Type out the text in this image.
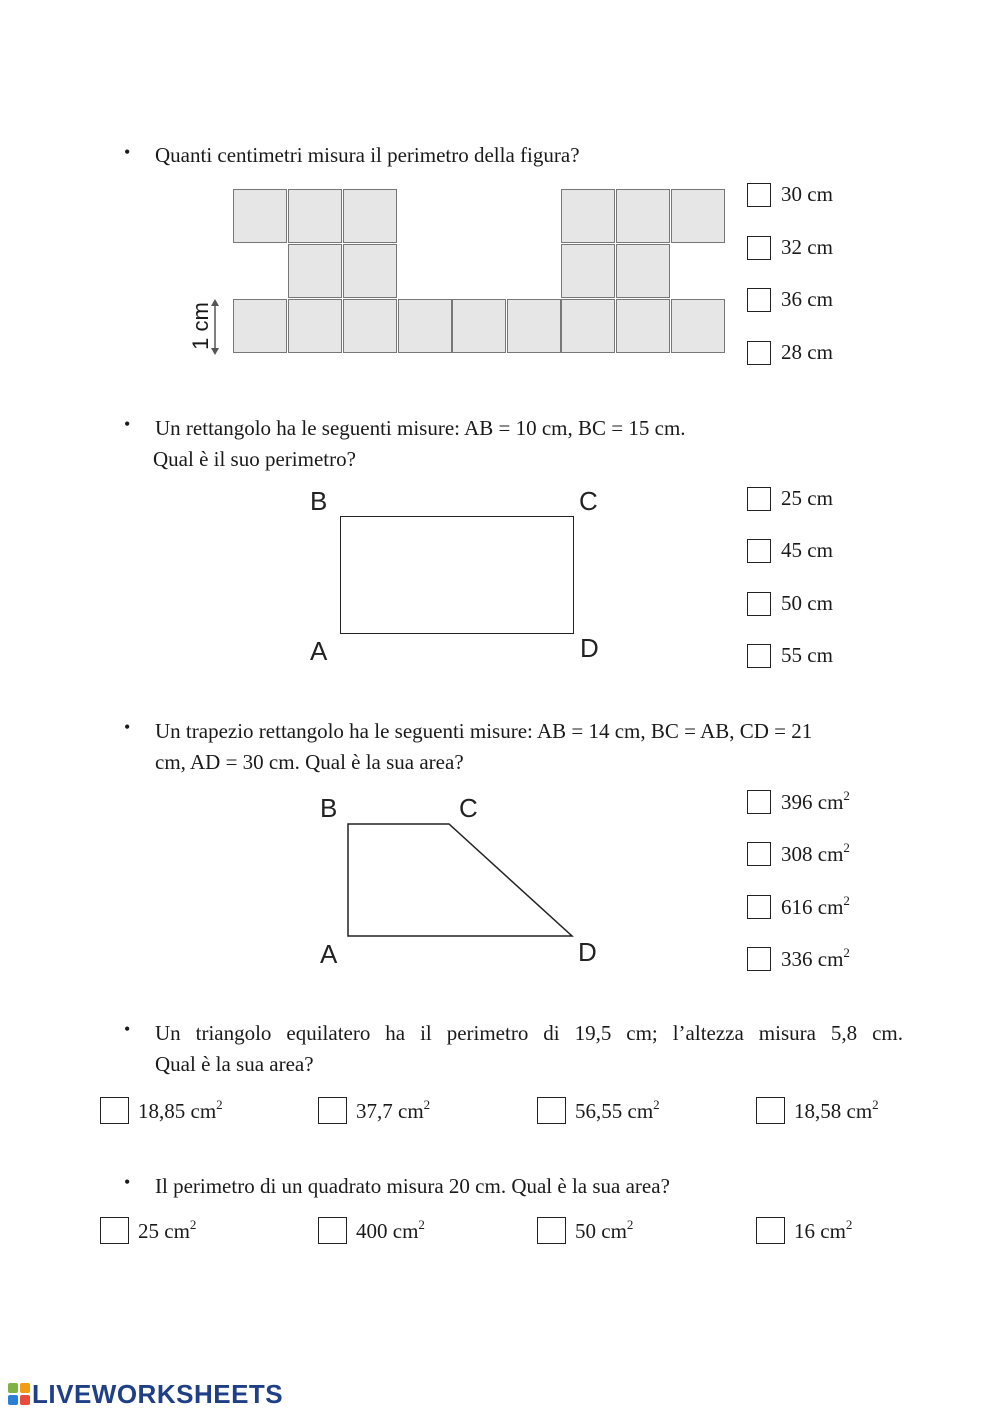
• Quanti centimetri misura il perimetro della figura?
1 cm
30 cm
32 cm
36 cm
28 cm
• Un rettangolo ha le seguenti misure: AB = 10 cm, BC = 15 cm.
Qual è il suo perimetro?
B	C
A	D
25 cm
45 cm
50 cm
55 cm
• Un trapezio rettangolo ha le seguenti misure: AB = 14 cm, BC = AB, CD = 21
cm, AD = 30 cm. Qual è la sua area?
B	C
A	D
396 $cm^2$
308 $cm^2$
616 $cm^2$
336 $cm^2$
• Un triangolo equilatero ha il perimetro di 19,5 cm; l’altezza misura 5,8 cm.
Qual è la sua area?
18,85 $cm^2$	37,7 $cm^2$	56,55 $cm^2$	18,58 $cm^2$
• Il perimetro di un quadrato misura 20 cm. Qual è la sua area?
25 $cm^2$	400 $cm^2$	50 $cm^2$	16 $cm^2$
LIVEWORKSHEETS
